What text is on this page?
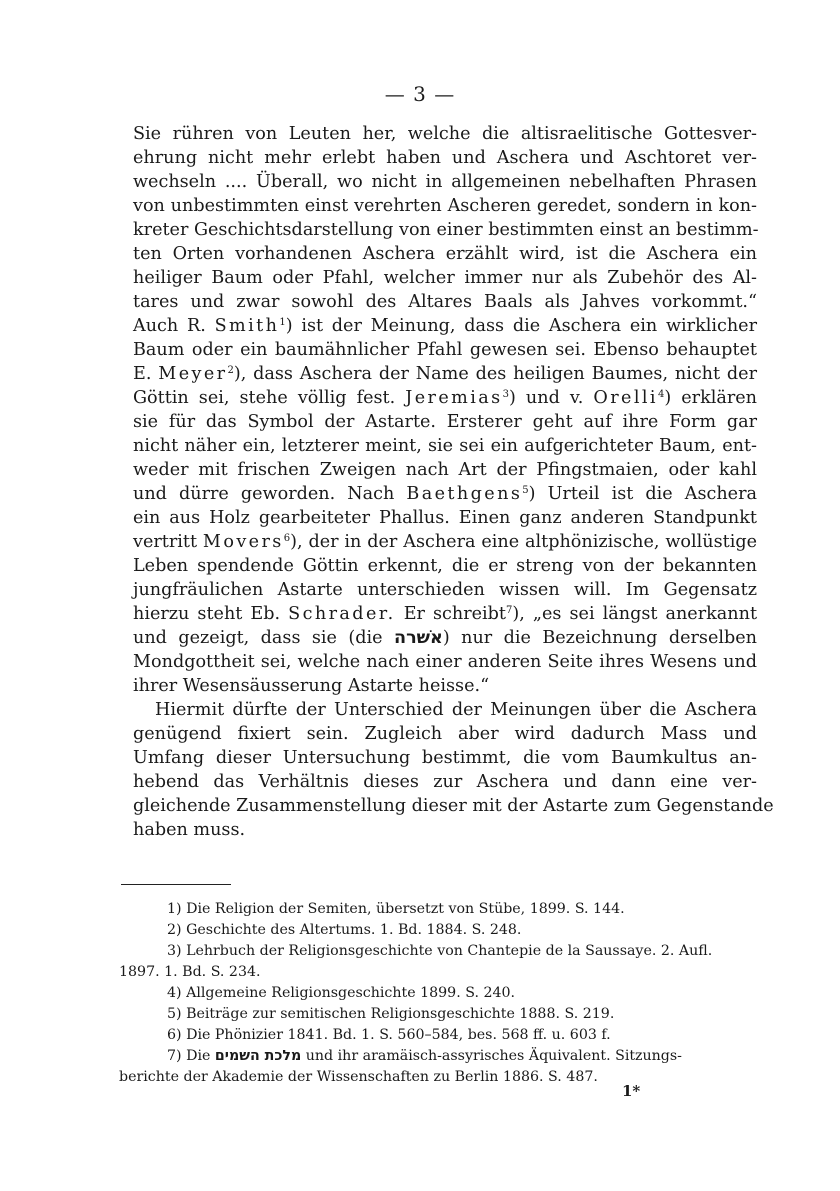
— 3 —
Sie rühren von Leuten her, welche die altisraelitische Gottesver-
ehrung nicht mehr erlebt haben und Aschera und Aschtoret ver-
wechseln .... Überall, wo nicht in allgemeinen nebelhaften Phrasen
von unbestimmten einst verehrten Ascheren geredet, sondern in kon-
kreter Geschichtsdarstellung von einer bestimmten einst an bestimm-
ten Orten vorhandenen Aschera erzählt wird, ist die Aschera ein
heiliger Baum oder Pfahl, welcher immer nur als Zubehör des Al-
tares und zwar sowohl des Altares Baals als Jahves vorkommt.“
Auch R. Smith$^1$) ist der Meinung, dass die Aschera ein wirklicher
Baum oder ein baumähnlicher Pfahl gewesen sei. Ebenso behauptet
E. Meyer$^2$), dass Aschera der Name des heiligen Baumes, nicht der
Göttin sei, stehe völlig fest. Jeremias$^3$) und v. Orelli$^4$) erklären
sie für das Symbol der Astarte. Ersterer geht auf ihre Form gar
nicht näher ein, letzterer meint, sie sei ein aufgerichteter Baum, ent-
weder mit frischen Zweigen nach Art der Pfingstmaien, oder kahl
und dürre geworden. Nach Baethgens$^5$) Urteil ist die Aschera
ein aus Holz gearbeiteter Phallus. Einen ganz anderen Standpunkt
vertritt Movers$^6$), der in der Aschera eine altphönizische, wollüstige
Leben spendende Göttin erkennt, die er streng von der bekannten
jungfräulichen Astarte unterschieden wissen will. Im Gegensatz
hierzu steht Eb. Schrader. Er schreibt$^7$), „es sei längst anerkannt
und gezeigt, dass sie (die אשׁרה) nur die Bezeichnung derselben
Mondgottheit sei, welche nach einer anderen Seite ihres Wesens und
ihrer Wesensäusserung Astarte heisse.“
Hiermit dürfte der Unterschied der Meinungen über die Aschera
genügend fixiert sein. Zugleich aber wird dadurch Mass und
Umfang dieser Untersuchung bestimmt, die vom Baumkultus an-
hebend das Verhältnis dieses zur Aschera und dann eine ver-
gleichende Zusammenstellung dieser mit der Astarte zum Gegenstande
haben muss.
1) Die Religion der Semiten, übersetzt von Stübe, 1899. S. 144.
2) Geschichte des Altertums. 1. Bd. 1884. S. 248.
3) Lehrbuch der Religionsgeschichte von Chantepie de la Saussaye. 2. Aufl.
1897. 1. Bd. S. 234.
4) Allgemeine Religionsgeschichte 1899. S. 240.
5) Beiträge zur semitischen Religionsgeschichte 1888. S. 219.
6) Die Phönizier 1841. Bd. 1. S. 560–584, bes. 568 ff. u. 603 f.
7) Die מלכת השמים und ihr aramäisch-assyrisches Äquivalent. Sitzungs-
berichte der Akademie der Wissenschaften zu Berlin 1886. S. 487.
1*
